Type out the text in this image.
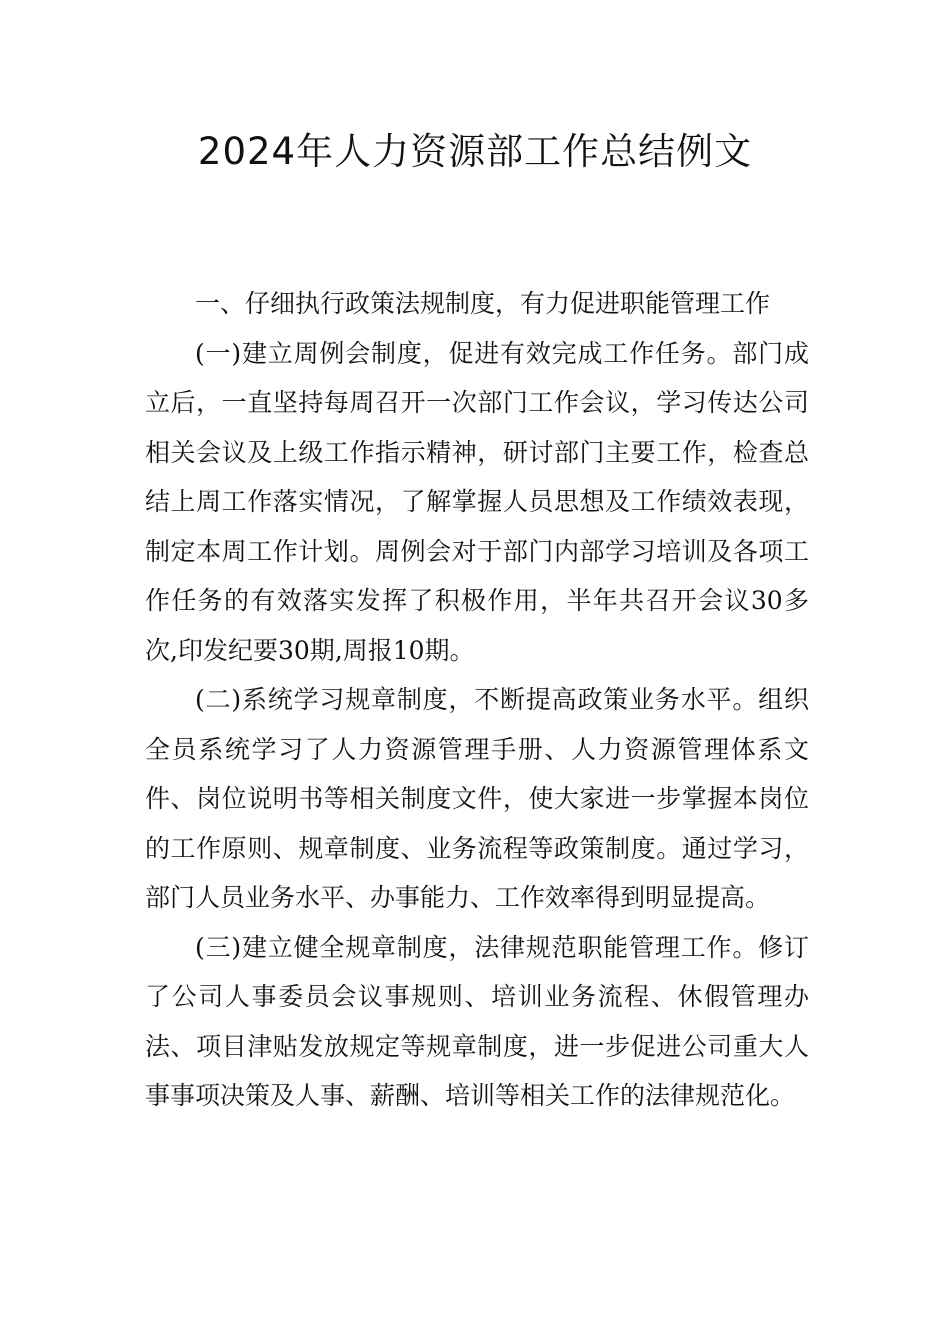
2024年人力资源部工作总结例文

一、仔细执行政策法规制度，有力促进职能管理工作

(一)建立周例会制度，促进有效完成工作任务。部门成立后，一直坚持每周召开一次部门工作会议，学习传达公司相关会议及上级工作指示精神，研讨部门主要工作，检查总结上周工作落实情况，了解掌握人员思想及工作绩效表现，制定本周工作计划。周例会对于部门内部学习培训及各项工作任务的有效落实发挥了积极作用，半年共召开会议30多次,印发纪要30期,周报10期。

(二)系统学习规章制度，不断提高政策业务水平。组织全员系统学习了人力资源管理手册、人力资源管理体系文件、岗位说明书等相关制度文件，使大家进一步掌握本岗位的工作原则、规章制度、业务流程等政策制度。通过学习，部门人员业务水平、办事能力、工作效率得到明显提高。

(三)建立健全规章制度，法律规范职能管理工作。修订了公司人事委员会议事规则、培训业务流程、休假管理办法、项目津贴发放规定等规章制度，进一步促进公司重大人事事项决策及人事、薪酬、培训等相关工作的法律规范化。
